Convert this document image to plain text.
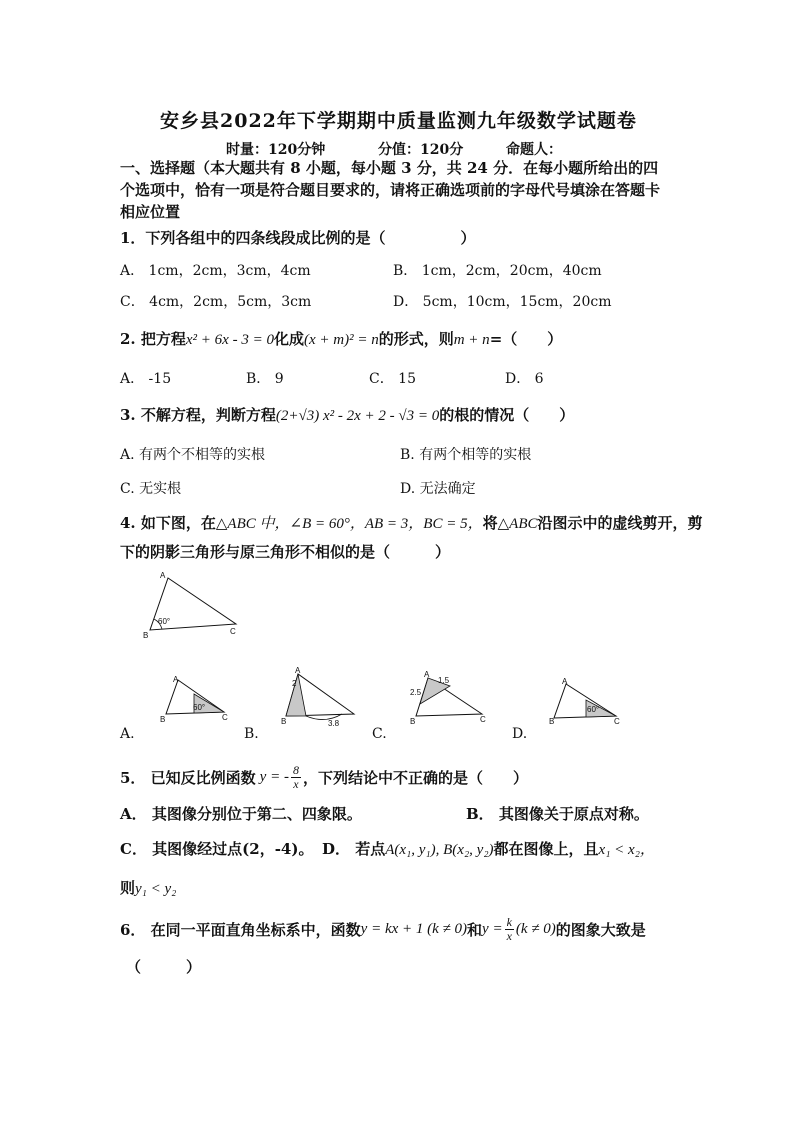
安乡县2022年下学期期中质量监测九年级数学试题卷
时量：120分钟	分值：120分	命题人：
一、选择题（本大题共有 8 小题，每小题 3 分，共 24 分．在每小题所给出的四个选项中，恰有一项是符合题目要求的，请将正确选项前的字母代号填涂在答题卡相应位置
1．下列各组中的四条线段成比例的是（　　　　　）
A． 1cm，2cm，3cm，4cm	B． 1cm，2cm，20cm，40cm
C． 4cm，2cm，5cm，3cm	D． 5cm，10cm，15cm，20cm
2. 把方程x² + 6x - 3 = 0化成(x + m)² = n的形式，则m + n=（　　）
A． -15	B． 9	C． 15	D． 6
3. 不解方程，判断方程(2+√3) x² - 2x + 2 - √3 = 0的根的情况（　　）
A. 有两个不相等的实根	B. 有两个相等的实根
C. 无实根	D. 无法确定
4. 如下图，在△ABC 中，∠B = 60°，AB = 3，BC = 5，将△ABC沿图示中的虚线剪开，剪
下的阴影三角形与原三角形不相似的是（　　　）
A
B	C
60°
A
B	C
60°
A.
A
2
B	3.8
B.
A
1.5
2.5
B	C
C.
A
B	C
60°
D.
5． 已知反比例函数 y = - $\frac{8}{x}$ ，下列结论中不正确的是（　　）
A． 其图像分别位于第二、四象限。	B． 其图像关于原点对称。
C． 其图像经过点(2，-4)。 D． 若点A(x₁, y₁), B(x₂, y₂)都在图像上，且x₁ < x₂，
则y₁ < y₂
6． 在同一平面直角坐标系中，函数 y = kx + 1 (k ≠ 0) 和 $y = \frac{k}{x} (k \ne 0)$ 的图象大致是
（　　　）
